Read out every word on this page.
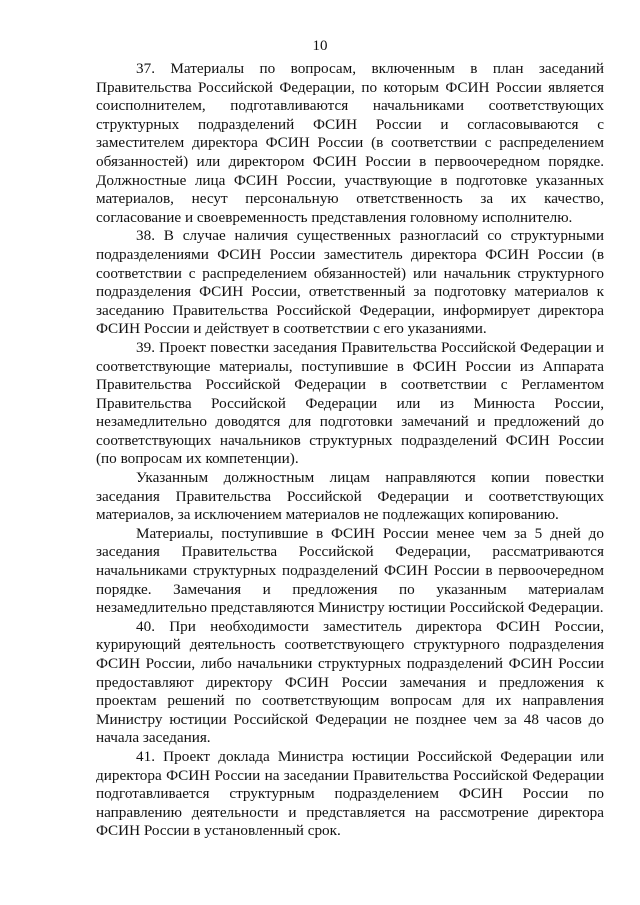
10

37. Материалы по вопросам, включенным в план заседаний Правительства Российской Федерации, по которым ФСИН России является соисполнителем, подготавливаются начальниками соответствующих структурных подразделений ФСИН России и согласовываются с заместителем директора ФСИН России (в соответствии с распределением обязанностей) или директором ФСИН России в первоочередном порядке. Должностные лица ФСИН России, участвующие в подготовке указанных материалов, несут персональную ответственность за их качество, согласование и своевременность представления головному исполнителю.

38. В случае наличия существенных разногласий со структурными подразделениями ФСИН России заместитель директора ФСИН России (в соответствии с распределением обязанностей) или начальник структурного подразделения ФСИН России, ответственный за подготовку материалов к заседанию Правительства Российской Федерации, информирует директора ФСИН России и действует в соответствии с его указаниями.

39. Проект повестки заседания Правительства Российской Федерации и соответствующие материалы, поступившие в ФСИН России из Аппарата Правительства Российской Федерации в соответствии с Регламентом Правительства Российской Федерации или из Минюста России, незамедлительно доводятся для подготовки замечаний и предложений до соответствующих начальников структурных подразделений ФСИН России (по вопросам их компетенции).

Указанным должностным лицам направляются копии повестки заседания Правительства Российской Федерации и соответствующих материалов, за исключением материалов не подлежащих копированию.

Материалы, поступившие в ФСИН России менее чем за 5 дней до заседания Правительства Российской Федерации, рассматриваются начальниками структурных подразделений ФСИН России в первоочередном порядке. Замечания и предложения по указанным материалам незамедлительно представляются Министру юстиции Российской Федерации.

40. При необходимости заместитель директора ФСИН России, курирующий деятельность соответствующего структурного подразделения ФСИН России, либо начальники структурных подразделений ФСИН России предоставляют директору ФСИН России замечания и предложения к проектам решений по соответствующим вопросам для их направления Министру юстиции Российской Федерации не позднее чем за 48 часов до начала заседания.

41. Проект доклада Министра юстиции Российской Федерации или директора ФСИН России на заседании Правительства Российской Федерации подготавливается структурным подразделением ФСИН России по направлению деятельности и представляется на рассмотрение директора ФСИН России в установленный срок.
